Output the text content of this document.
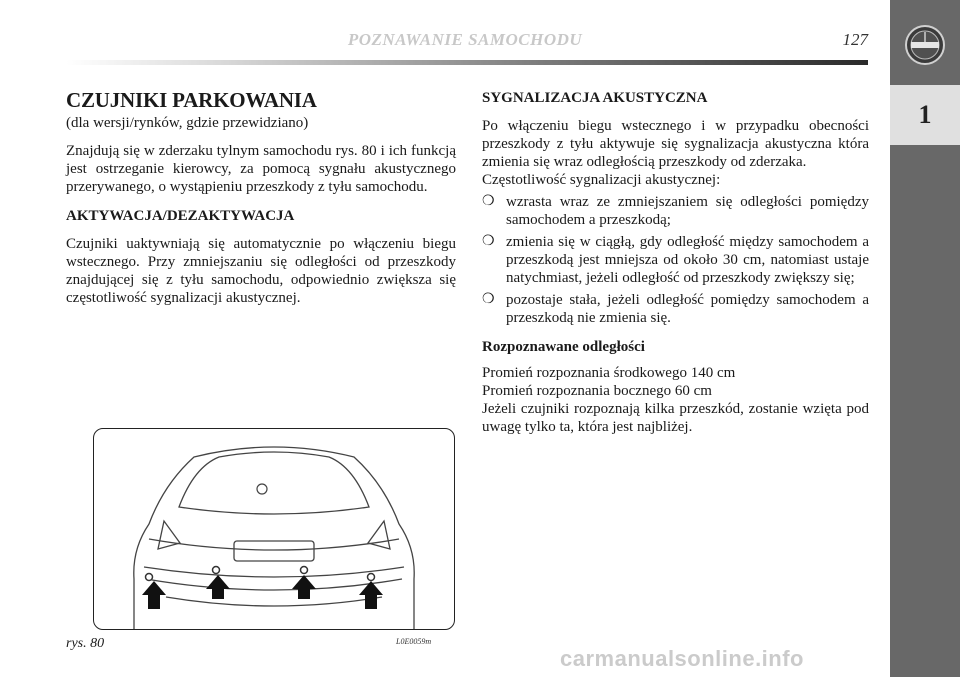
POZNAWANIE SAMOCHODU	127
1
CZUJNIKI PARKOWANIA

(dla wersji/rynków, gdzie przewidziano)

Znajdują się w zderzaku tylnym samochodu rys. 80 i ich funkcją jest ostrzeganie kierowcy, za pomocą sygnału akustycznego przerywanego, o wystąpieniu przeszkody z tyłu samochodu.

AKTYWACJA/DEZAKTYWACJA

Czujniki uaktywniają się automatycznie po włączeniu biegu wstecznego. Przy zmniejszaniu się odległości od przeszkody znajdującej się z tyłu samochodu, odpowiednio zwiększa się częstotliwość sygnalizacji akustycznej.

SYGNALIZACJA AKUSTYCZNA

Po włączeniu biegu wstecznego i w przypadku obecności przeszkody z tyłu aktywuje się sygnalizacja akustyczna która zmienia się wraz odległością przeszkody od zderzaka.

Częstotliwość sygnalizacji akustycznej:

❍ wzrasta wraz ze zmniejszaniem się odległości pomiędzy samochodem a przeszkodą;
❍ zmienia się w ciągłą, gdy odległość między samochodem a przeszkodą jest mniejsza od około 30 cm, natomiast ustaje natychmiast, jeżeli odległość od przeszkody zwiększy się;
❍ pozostaje stała, jeżeli odległość pomiędzy samochodem a przeszkodą nie zmienia się.
Rozpoznawane odległości

Promień rozpoznania środkowego 140 cm

Promień rozpoznania bocznego 60 cm

Jeżeli czujniki rozpoznają kilka przeszkód, zostanie wzięta pod uwagę tylko ta, która jest najbliżej.

rys. 80	L0E0059m
carmanualsonline.info
